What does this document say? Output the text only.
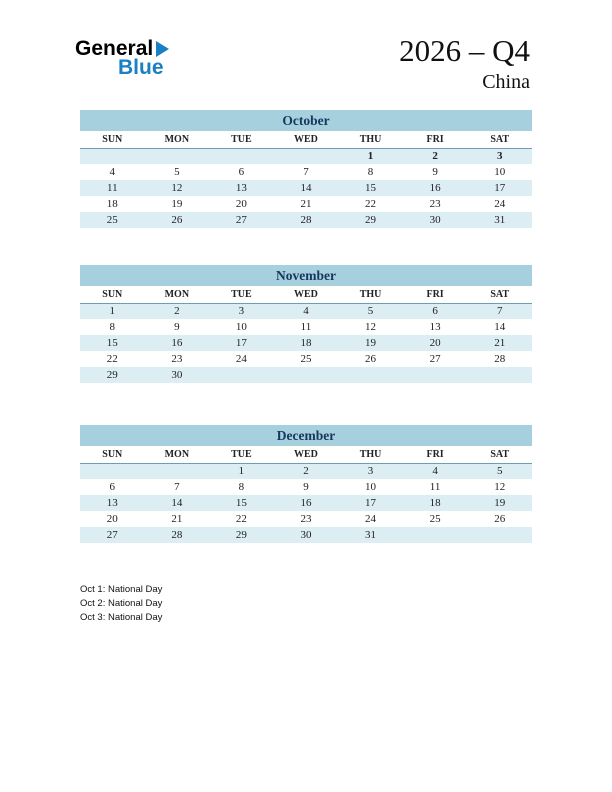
General
Blue	2026 – Q4
China
October
SUN	MON	TUE	WED	THU	FRI	SAT
				1	2	3
4	5	6	7	8	9	10
11	12	13	14	15	16	17
18	19	20	21	22	23	24
25	26	27	28	29	30	31
November
SUN	MON	TUE	WED	THU	FRI	SAT
1	2	3	4	5	6	7
8	9	10	11	12	13	14
15	16	17	18	19	20	21
22	23	24	25	26	27	28
29	30					
December
SUN	MON	TUE	WED	THU	FRI	SAT
		1	2	3	4	5
6	7	8	9	10	11	12
13	14	15	16	17	18	19
20	21	22	23	24	25	26
27	28	29	30	31		
Oct 1: National Day
Oct 2: National Day
Oct 3: National Day
